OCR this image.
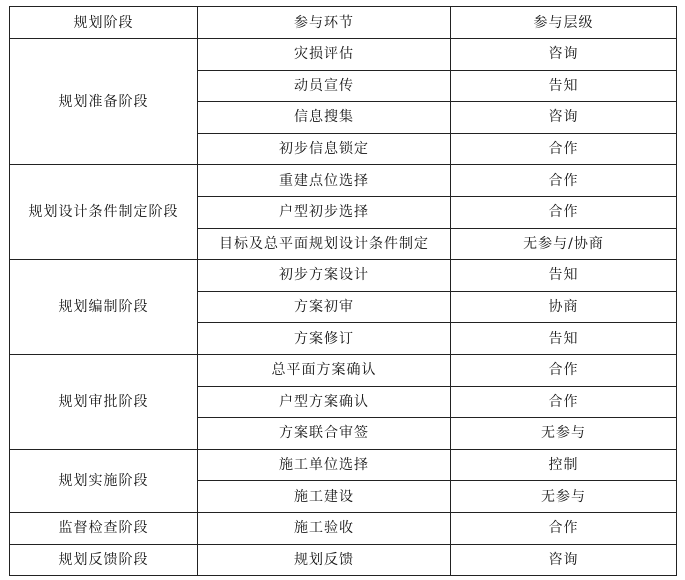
规划阶段	参与环节	参与层级
规划准备阶段	灾损评估	咨询
	动员宣传	告知
	信息搜集	咨询
	初步信息锁定	合作
规划设计条件制定阶段	重建点位选择	合作
	户型初步选择	合作
	目标及总平面规划设计条件制定	无参与/协商
规划编制阶段	初步方案设计	告知
	方案初审	协商
	方案修订	告知
规划审批阶段	总平面方案确认	合作
	户型方案确认	合作
	方案联合审签	无参与
规划实施阶段	施工单位选择	控制
	施工建设	无参与
监督检查阶段	施工验收	合作
规划反馈阶段	规划反馈	咨询
